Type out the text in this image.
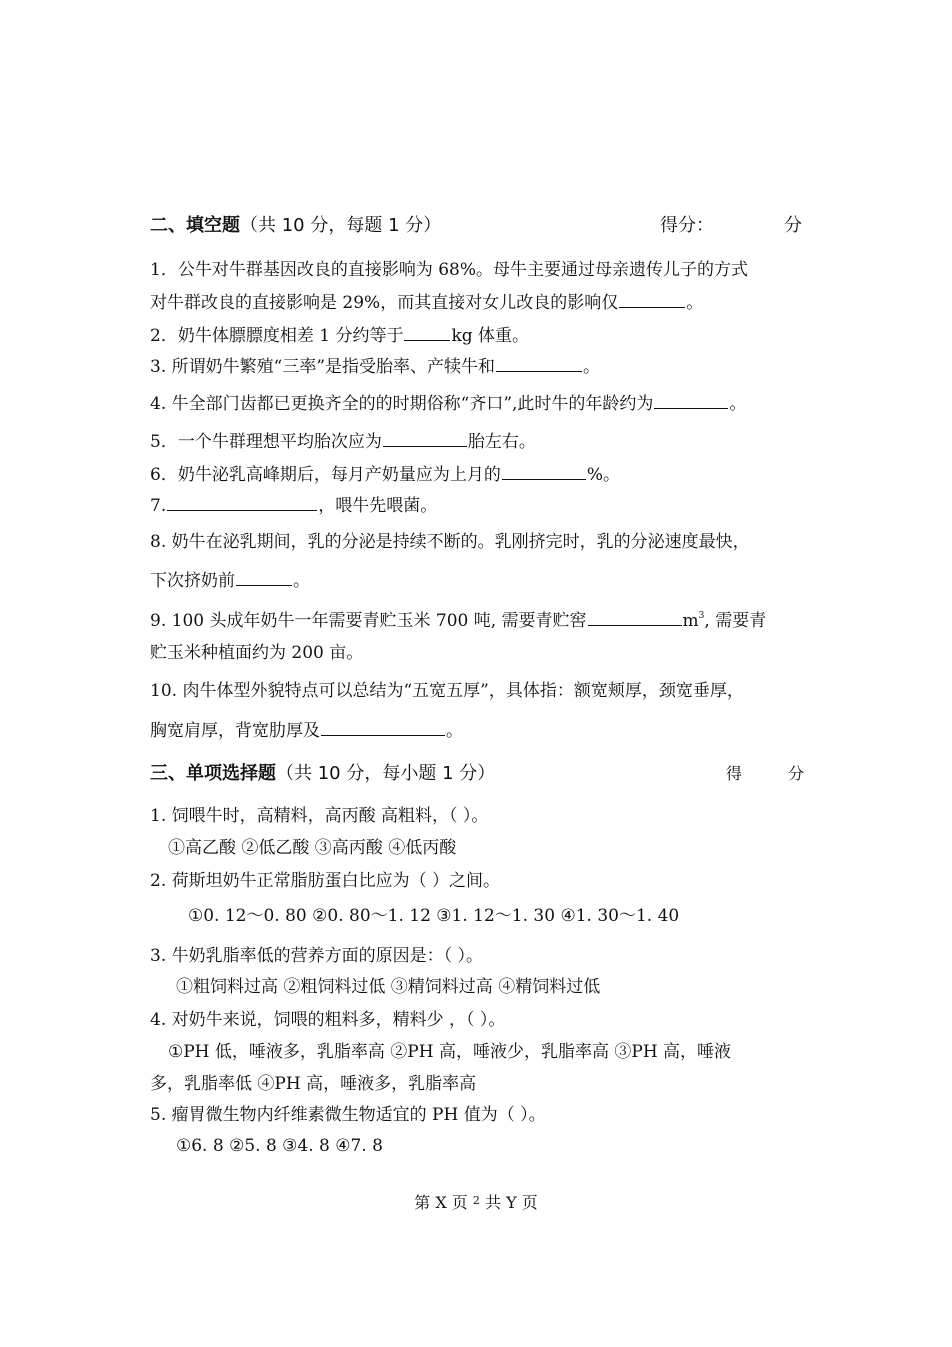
二、填空题（共 10 分，每题 1 分）	得分：	分
1．公牛对牛群基因改良的直接影响为 68%。母牛主要通过母亲遗传儿子的方式
对牛群改良的直接影响是 29%，而其直接对女儿改良的影响仅	。
2．奶牛体膘膘度相差 1 分约等于	kg 体重。
3. 所谓奶牛繁殖“三率”是指受胎率、产犊牛和	。
4. 牛全部门齿都已更换齐全的的时期俗称“齐口”,此时牛的年龄约为	。
5．一个牛群理想平均胎次应为	胎左右。
6．奶牛泌乳高峰期后，每月产奶量应为上月的	%。
7.	，喂牛先喂菌。
8. 奶牛在泌乳期间，乳的分泌是持续不断的。乳刚挤完时，乳的分泌速度最快，
下次挤奶前	。
9. 100 头成年奶牛一年需要青贮玉米 700 吨, 需要青贮窖	$m^3$, 需要青
贮玉米种植面约为 200 亩。
10. 肉牛体型外貌特点可以总结为“五宽五厚”，具体指：额宽颊厚，颈宽垂厚，
胸宽肩厚，背宽肋厚及	。
三、单项选择题（共 10 分，每小题 1 分）	得	分
1. 饲喂牛时，高精料，高丙酸 高粗料，（ ）。
①高乙酸 ②低乙酸 ③高丙酸 ④低丙酸
2. 荷斯坦奶牛正常脂肪蛋白比应为（ ）之间。
①0. 12～0. 80 ②0. 80～1. 12 ③1. 12～1. 30 ④1. 30～1. 40
3. 牛奶乳脂率低的营养方面的原因是：（ ）。
①粗饲料过高 ②粗饲料过低 ③精饲料过高 ④精饲料过低
4. 对奶牛来说，饲喂的粗料多，精料少 ，（ ）。
①PH 低，唾液多，乳脂率高 ②PH 高，唾液少，乳脂率高 ③PH 高，唾液
多，乳脂率低 ④PH 高，唾液多，乳脂率高
5. 瘤胃微生物内纤维素微生物适宜的 PH 值为（ ）。
①6. 8 ②5. 8 ③4. 8 ④7. 8
第 X 页 $^2$ 共 Y 页
